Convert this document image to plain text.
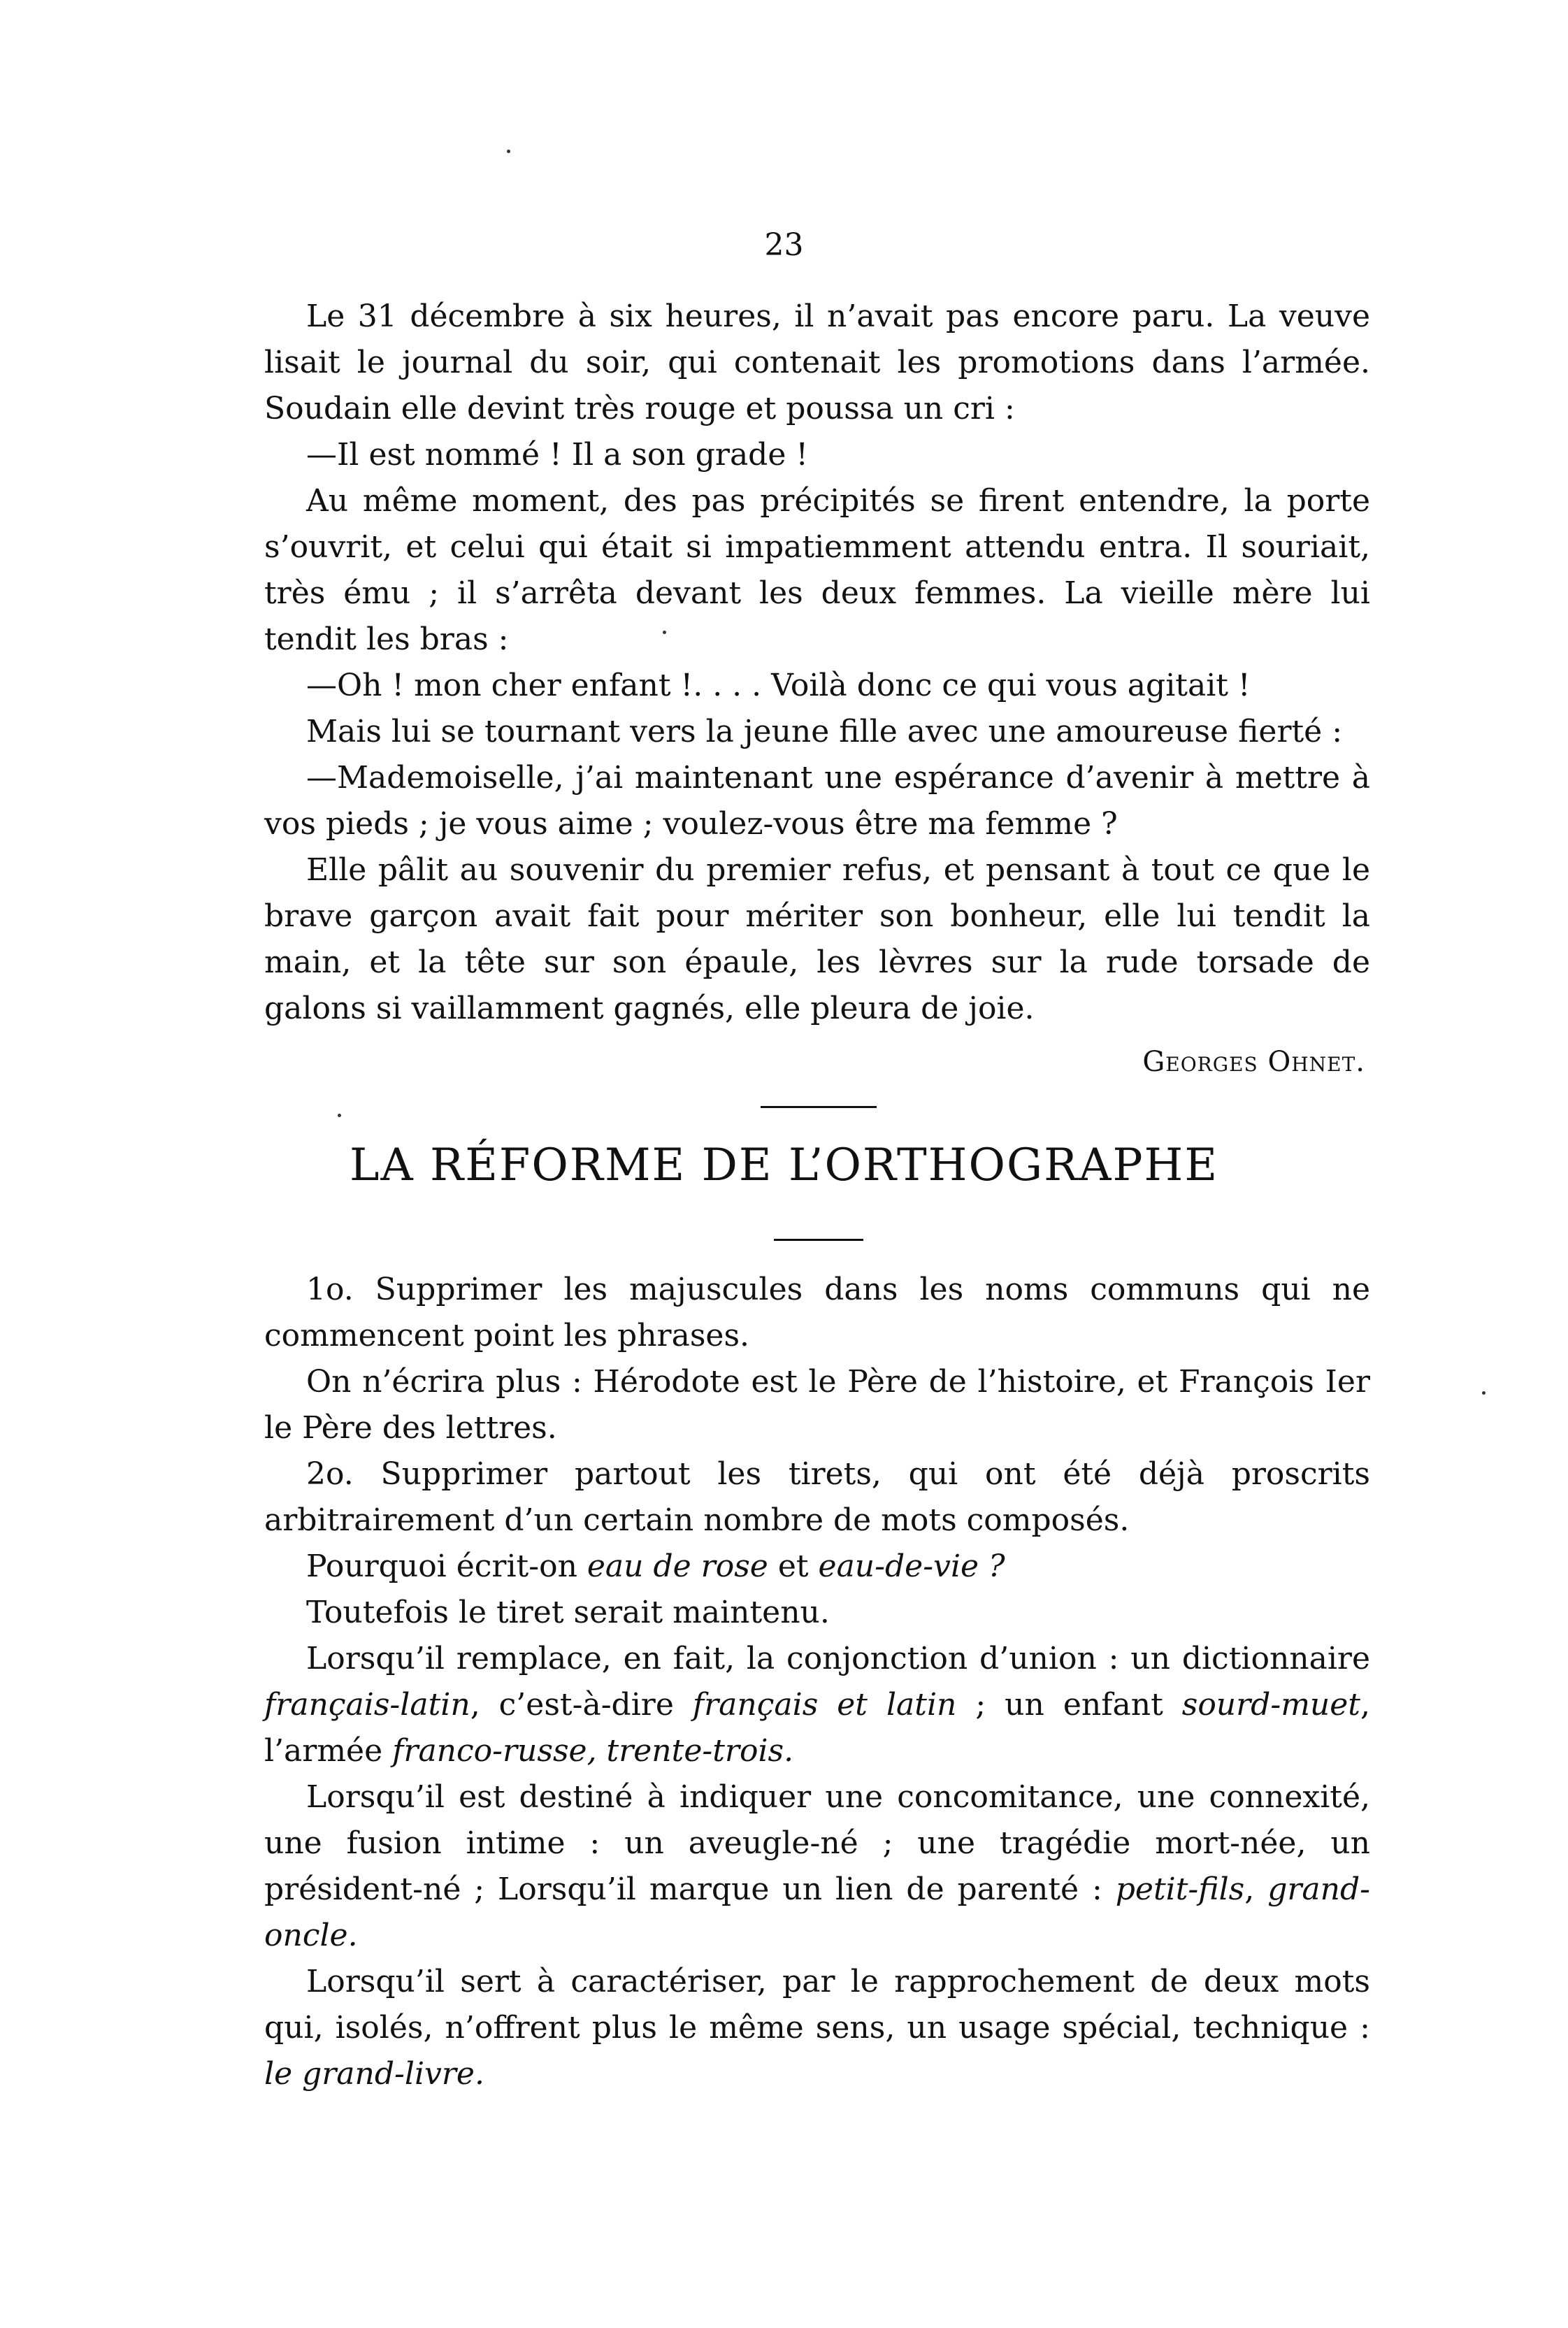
23

Le 31 décembre à six heures, il n’avait pas encore paru. La veuve lisait le journal du soir, qui contenait les promotions dans l’armée. Soudain elle devint très rouge et poussa un cri :

—Il est nommé ! Il a son grade !

Au même moment, des pas précipités se firent entendre, la porte s’ouvrit, et celui qui était si impatiemment attendu entra. Il souriait, très ému ; il s’arrêta devant les deux femmes. La vieille mère lui tendit les bras :

—Oh ! mon cher enfant !. . . . Voilà donc ce qui vous agitait !

Mais lui se tournant vers la jeune fille avec une amoureuse fierté :

—Mademoiselle, j’ai maintenant une espérance d’avenir à mettre à vos pieds ; je vous aime ; voulez-vous être ma femme ?

Elle pâlit au souvenir du premier refus, et pensant à tout ce que le brave garçon avait fait pour mériter son bonheur, elle lui tendit la main, et la tête sur son épaule, les lèvres sur la rude torsade de galons si vaillamment gagnés, elle pleura de joie.

Georges Ohnet.
LA RÉFORME DE L’ORTHOGRAPHE

1o. Supprimer les majuscules dans les noms communs qui ne commencent point les phrases.

On n’écrira plus : Hérodote est le Père de l’histoire, et François Ier le Père des lettres.

2o. Supprimer partout les tirets, qui ont été déjà proscrits arbitrairement d’un certain nombre de mots composés.

Pourquoi écrit-on eau de rose et eau-de-vie ?

Toutefois le tiret serait maintenu.

Lorsqu’il remplace, en fait, la conjonction d’union : un dictionnaire français-latin, c’est-à-dire français et latin ; un enfant sourd-muet, l’armée franco-russe, trente-trois.

Lorsqu’il est destiné à indiquer une concomitance, une connexité, une fusion intime : un aveugle-né ; une tragédie mort-née, un président-né ; Lorsqu’il marque un lien de parenté : petit-fils, grand-oncle.

Lorsqu’il sert à caractériser, par le rapprochement de deux mots qui, isolés, n’offrent plus le même sens, un usage spécial, technique : le grand-livre.
